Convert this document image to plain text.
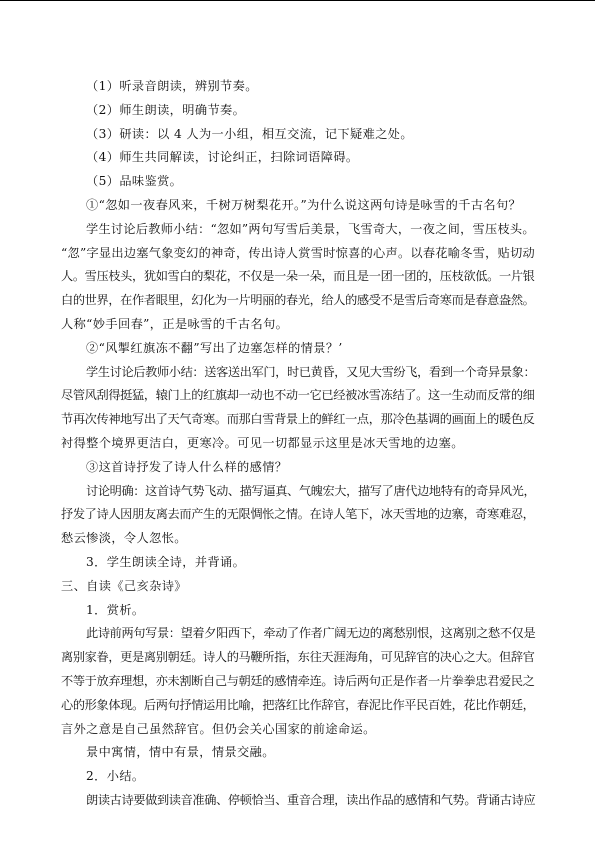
（1）听录音朗读，辨别节奏。

（2）师生朗读，明确节奏。

（3）研读：以 4 人为一小组，相互交流，记下疑难之处。

（4）师生共同解读，讨论纠正，扫除词语障碍。

（5）品味鉴赏。

①“忽如一夜春风来，千树万树梨花开。”为什么说这两句诗是咏雪的千古名句？

学生讨论后教师小结：“忽如”两句写雪后美景，飞雪奇大，一夜之间，雪压枝头。

“忽”字显出边塞气象变幻的神奇，传出诗人赏雪时惊喜的心声。以春花喻冬雪，贴切动

人。雪压枝头，犹如雪白的梨花，不仅是一朵一朵，而且是一团一团的，压枝欲低。一片银

白的世界，在作者眼里，幻化为一片明丽的春光，给人的感受不是雪后奇寒而是春意盎然。

人称“妙手回春”，正是咏雪的千古名句。

②“风掣红旗冻不翻”写出了边塞怎样的情景？’

学生讨论后教师小结：送客送出军门，时已黄昏，又见大雪纷飞，看到一个奇异景象：

尽管风刮得挺猛，辕门上的红旗却一动也不动一它已经被冰雪冻结了。这一生动而反常的细

节再次传神地写出了天气奇寒。而那白雪背景上的鲜红一点，那冷色基调的画面上的暖色反

衬得整个境界更洁白，更寒冷。可见一切都显示这里是冰天雪地的边塞。

③这首诗抒发了诗人什么样的感情？

讨论明确：这首诗气势飞动、描写逼真、气魄宏大，描写了唐代边地特有的奇异风光，

抒发了诗人因朋友离去而产生的无限惆怅之情。在诗人笔下，冰天雪地的边寨，奇寒难忍，

愁云惨淡，令人忽怅。

3．学生朗读全诗，并背诵。

三、自读《己亥杂诗》

1．赏析。

此诗前两句写景：望着夕阳西下，牵动了作者广阔无边的离愁别恨，这离别之愁不仅是

离别家眷，更是离别朝廷。诗人的马鞭所指，东往天涯海角，可见辞官的决心之大。但辞官

不等于放弃理想，亦未割断自己与朝廷的感情牵连。诗后两句正是作者一片拳拳忠君爱民之

心的形象体现。后两句抒情运用比喻，把落红比作辞官，春泥比作平民百姓，花比作朝廷，

言外之意是自己虽然辞官。但仍会关心国家的前途命运。

景中寓情，情中有景，情景交融。

2．小结。

朗读古诗要做到读音准确、停顿恰当、重音合理，读出作品的感情和气势。背诵古诗应
